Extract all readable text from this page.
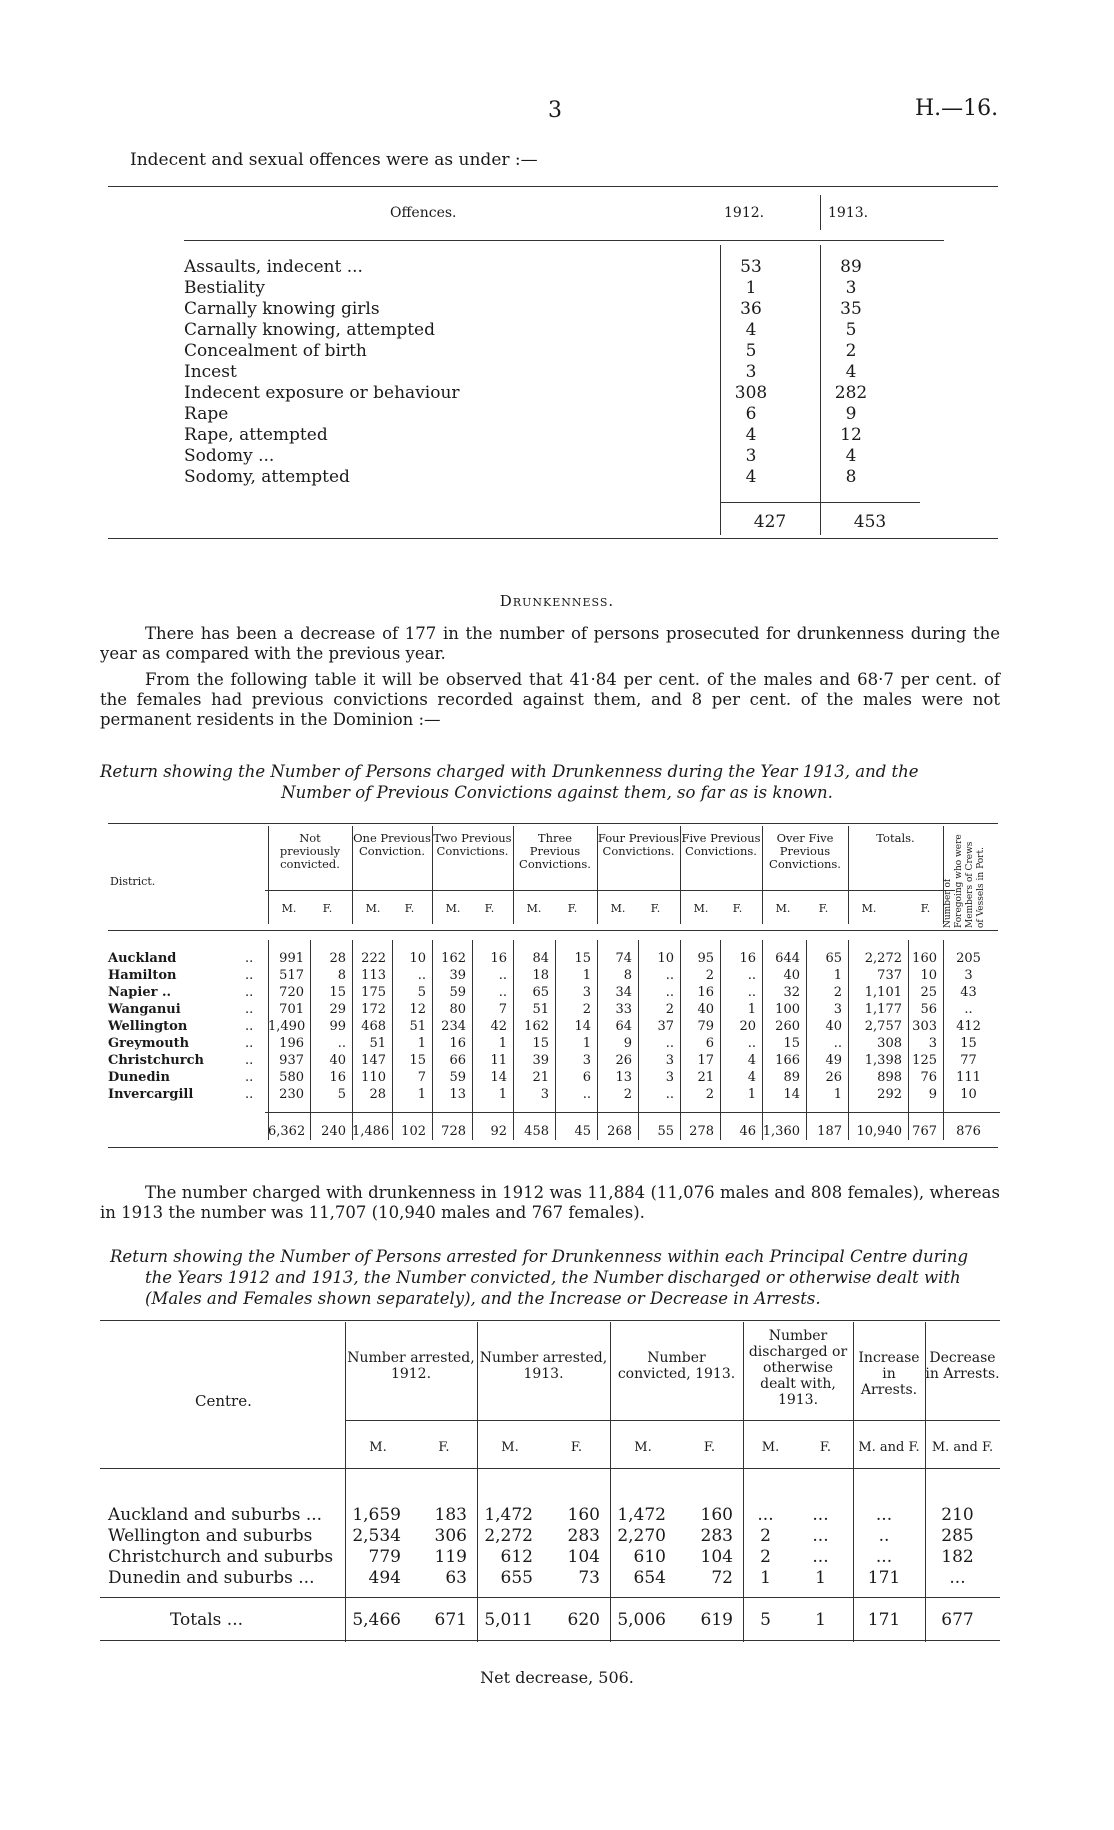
3	H.—16.
Indecent and sexual offences were as under :—
Offences.	1912.	1913.
Assaults, indecent ...	53	89
Bestiality	1	3
Carnally knowing girls	36	35
Carnally knowing, attempted	4	5
Concealment of birth	5	2
Incest	3	4
Indecent exposure or behaviour	308	282
Rape	6	9
Rape, attempted	4	12
Sodomy ...	3	4
Sodomy, attempted	4	8
427	453
Drunkenness.
There has been a decrease of 177 in the number of persons prosecuted for drunkenness during the year as compared with the previous year.
From the following table it will be observed that 41·84 per cent. of the males and 68·7 per cent. of the females had previous convictions recorded against them, and 8 per cent. of the males were not permanent residents in the Dominion :—
Return showing the Number of Persons charged with Drunkenness during the Year 1913, and the
Number of Previous Convictions against them, so far as is known.
District.
Not previously convicted.
One Previous Conviction.
Two Previous Convictions.
Three Previous Convictions.
Four Previous Convictions.
Five Previous Convictions.
Over Five Previous Convictions.
Totals.
M.	F.	M.	F.	M.	F.	M.	F.	M.	F.	M.	F.	M.	F.	M.	F.	Number of Foregoing who were Members of Crews of Vessels in Port.
Auckland	..	991	28	222	10	162	16	84	15	74	10	95	16	644	65	2,272 160	205
Hamilton	..	517	8	113	..	39	..	18	1	8	..	2	..	40	1	737	10	3
Napier ..	..	720	15	175	5	59	..	65	3	34	..	16	..	32	2	1,101	25	43
Wanganui	..	701	29	172	12	80	7	51	2	33	2	40	1	100	3	1,177	56	..
Wellington	.. 1,490	99	468	51	234	42	162	14	64	37	79	20	260	40	2,757 303	412
Greymouth	..	196	..	51	1	16	1	15	1	9	..	6	..	15	..	308	3	15
Christchurch	..	937	40	147	15	66	11	39	3	26	3	17	4	166	49	1,398 125	77
Dunedin	..	580	16	110	7	59	14	21	6	13	3	21	4	89	26	898	76	111
Invercargill	..	230	5	28	1	13	1	3	..	2	..	2	1	14	1	292	9	10
6,362	240 1,486 102	728	92	458	45	268	55	278	46 1,360	187	10,940 767	876
The number charged with drunkenness in 1912 was 11,884 (11,076 males and 808 females), whereas in 1913 the number was 11,707 (10,940 males and 767 females).
Return showing the Number of Persons arrested for Drunkenness within each Principal Centre during
the Years 1912 and 1913, the Number convicted, the Number discharged or otherwise dealt with
(Males and Females shown separately), and the Increase or Decrease in Arrests.
Centre.
Number arrested, 1912.
Number arrested, 1913.
Number convicted, 1913.
Number discharged or otherwise dealt with, 1913.
Increase in Arrests.
Decrease in Arrests.
M.	F.	M.	F.	M.	F.	M.	F.	M. and F. M. and F.
Auckland and suburbs ...	1,659	183	1,472	160	1,472	160	...	...	...	210
Wellington and suburbs	2,534	306	2,272	283	2,270	283	2	...	..	285
Christchurch and suburbs	779	119	612	104	610	104	2	...	...	182
Dunedin and suburbs ...	494	63	655	73	654	72	1	1	171	...
Totals ...	5,466	671	5,011	620	5,006	619	5	1	171	677
Net decrease, 506.
